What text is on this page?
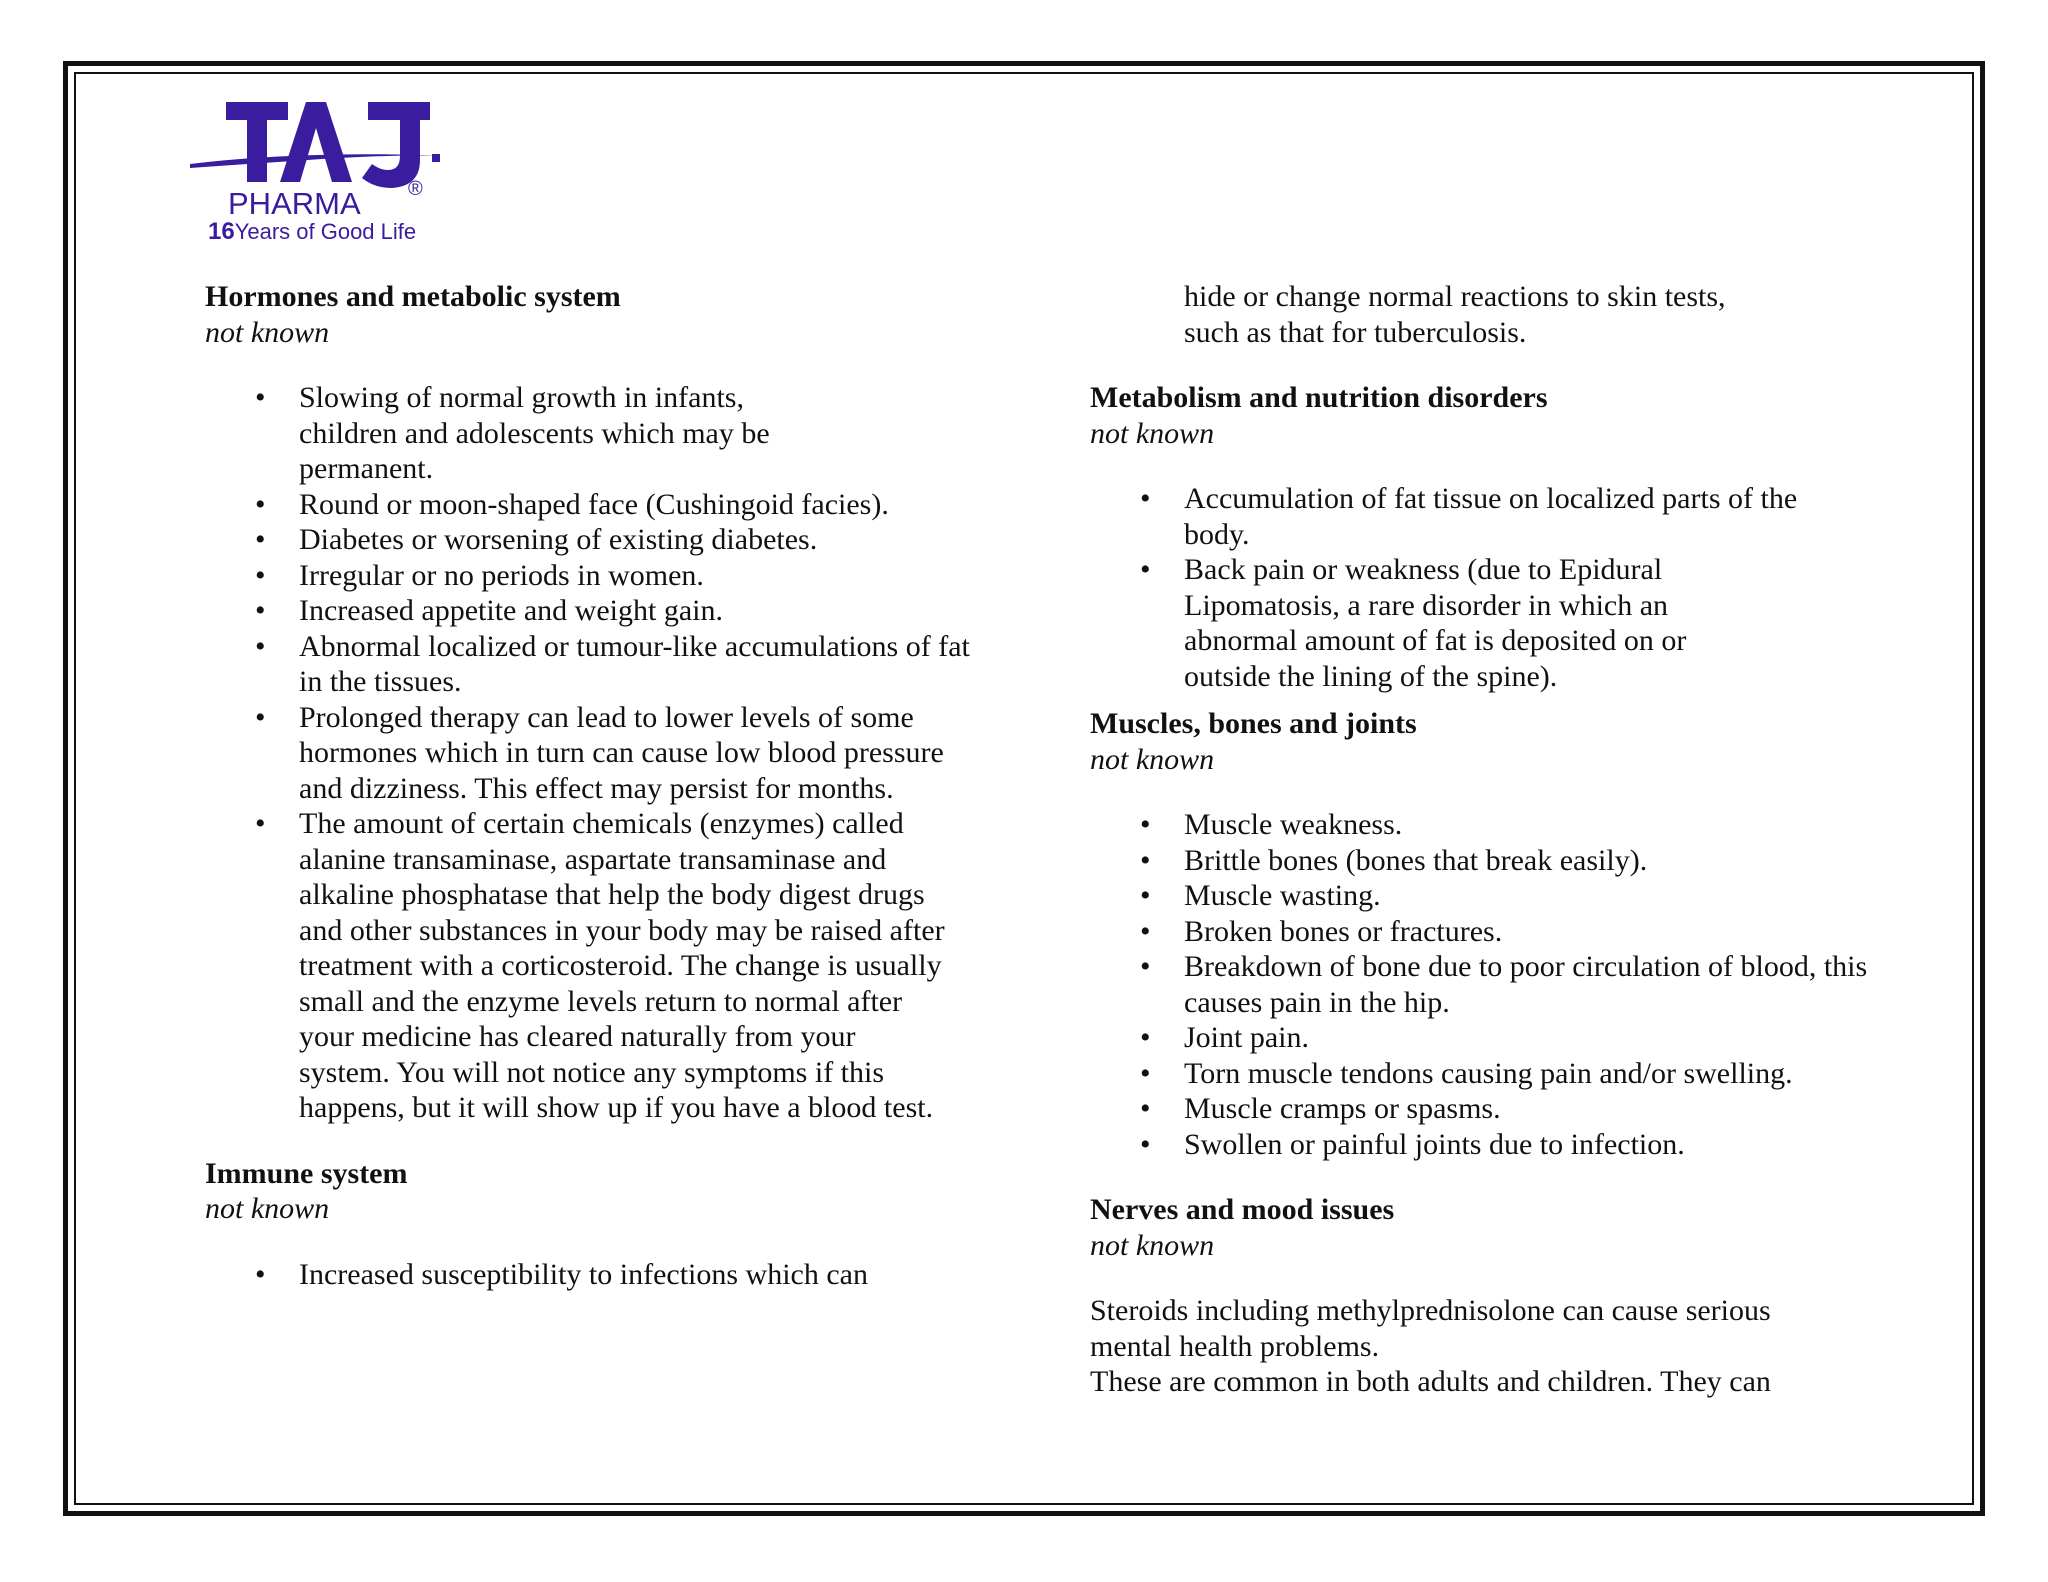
PHARMA ®
16Years of Good Life

Hormones and metabolic system

not known

• Slowing of normal growth in infants, children and adolescents which may be permanent.
• Round or moon-shaped face (Cushingoid facies).
• Diabetes or worsening of existing diabetes.
• Irregular or no periods in women.
• Increased appetite and weight gain.
• Abnormal localized or tumour-like accumulations of fat in the tissues.
• Prolonged therapy can lead to lower levels of some hormones which in turn can cause low blood pressure and dizziness. This effect may persist for months.
• The amount of certain chemicals (enzymes) called alanine transaminase, aspartate transaminase and alkaline phosphatase that help the body digest drugs and other substances in your body may be raised after treatment with a corticosteroid. The change is usually small and the enzyme levels return to normal after your medicine has cleared naturally from your system. You will not notice any symptoms if this happens, but it will show up if you have a blood test.

Immune system

not known

• Increased susceptibility to infections which can

hide or change normal reactions to skin tests, such as that for tuberculosis.

Metabolism and nutrition disorders

not known

• Accumulation of fat tissue on localized parts of the body.
• Back pain or weakness (due to Epidural Lipomatosis, a rare disorder in which an abnormal amount of fat is deposited on or outside the lining of the spine).

Muscles, bones and joints

not known

• Muscle weakness.
• Brittle bones (bones that break easily).
• Muscle wasting.
• Broken bones or fractures.
• Breakdown of bone due to poor circulation of blood, this causes pain in the hip.
• Joint pain.
• Torn muscle tendons causing pain and/or swelling.
• Muscle cramps or spasms.
• Swollen or painful joints due to infection.

Nerves and mood issues

not known

Steroids including methylprednisolone can cause serious mental health problems.

These are common in both adults and children. They can
